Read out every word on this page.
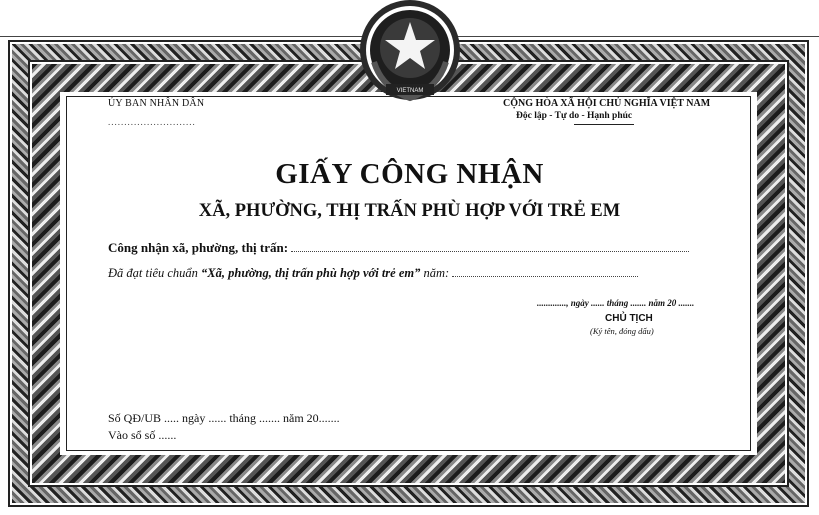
VIETNAM
ỦY BAN NHÂN DÂN
...........................
CỘNG HÒA XÃ HỘI CHỦ NGHĨA VIỆT NAM
Độc lập - Tự do - Hạnh phúc
GIẤY CÔNG NHẬN
XÃ, PHƯỜNG, THỊ TRẤN PHÙ HỢP VỚI TRẺ EM
Công nhận xã, phường, thị trấn:
Đã đạt tiêu chuẩn “Xã, phường, thị trấn phù hợp với trẻ em” năm:
............., ngày ...... tháng ....... năm 20 .......
CHỦ TỊCH
(Ký tên, đóng dấu)
Số QĐ/UB ..... ngày ...... tháng ....... năm 20.......
Vào sổ số ......
